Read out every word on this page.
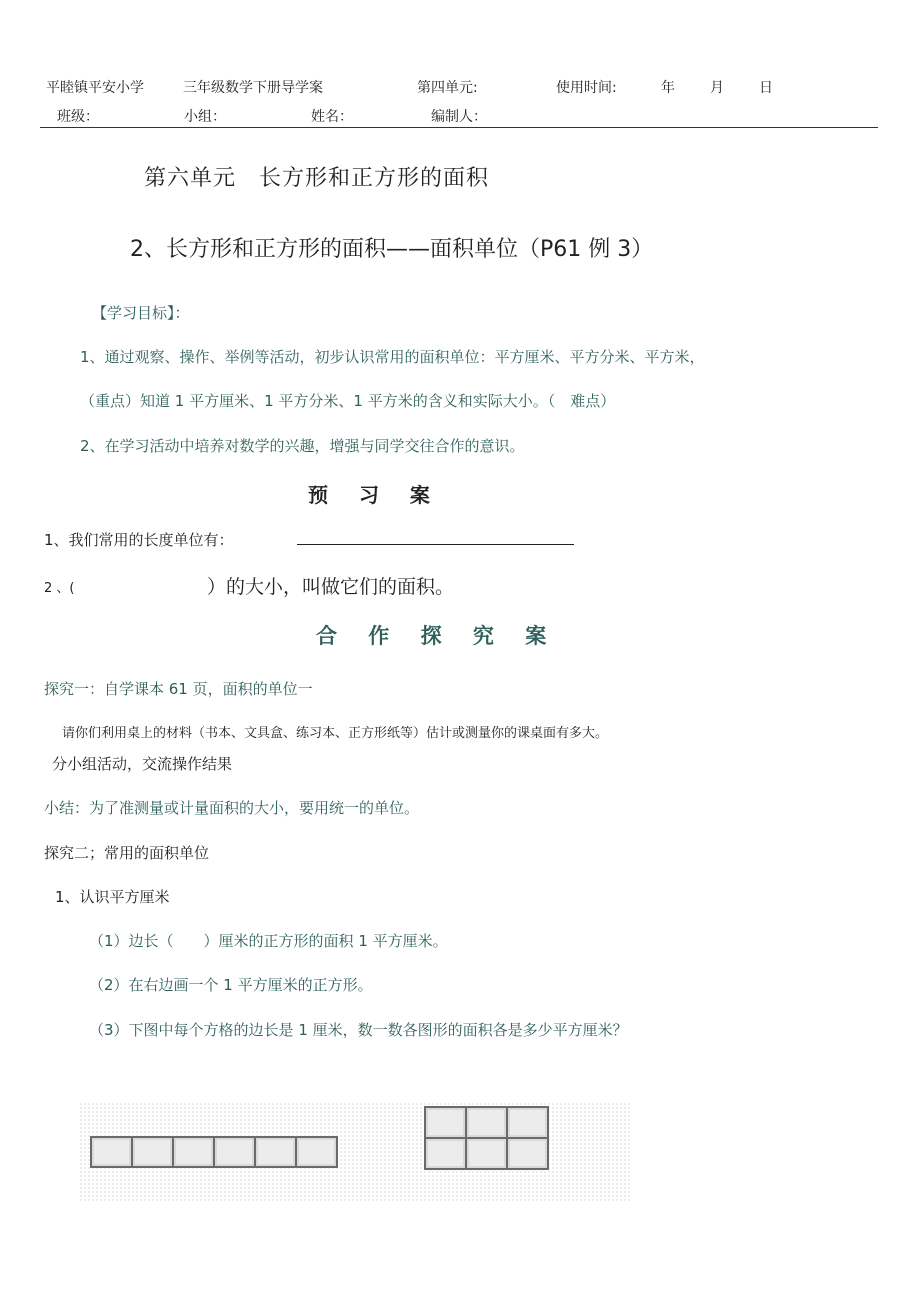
平睦镇平安小学	三年级数学下册导学案	第四单元:	使用时间:	年	月	日
班级：	小组：	姓名：	编制人：
第六单元　长方形和正方形的面积
2、长方形和正方形的面积——面积单位（P61 例 3）
【学习目标】：
1、通过观察、操作、举例等活动，初步认识常用的面积单位：平方厘米、平方分米、平方米，
（重点）知道 1 平方厘米、1 平方分米、1 平方米的含义和实际大小。（　难点）
2、在学习活动中培养对数学的兴趣，增强与同学交往合作的意识。
预 习 案
1、我们常用的长度单位有：
2 、(	）的大小，叫做它们的面积。
合 作 探 究 案
探究一：自学课本 61 页，面积的单位一
请你们利用桌上的材料（书本、文具盒、练习本、正方形纸等）估计或测量你的课桌面有多大。
分小组活动，交流操作结果
小结：为了准测量或计量面积的大小，要用统一的单位。
探究二；常用的面积单位
1、认识平方厘米
（1）边长（　　）厘米的正方形的面积 1 平方厘米。
（2）在右边画一个 1 平方厘米的正方形。
（3）下图中每个方格的边长是 1 厘米，数一数各图形的面积各是多少平方厘米？
